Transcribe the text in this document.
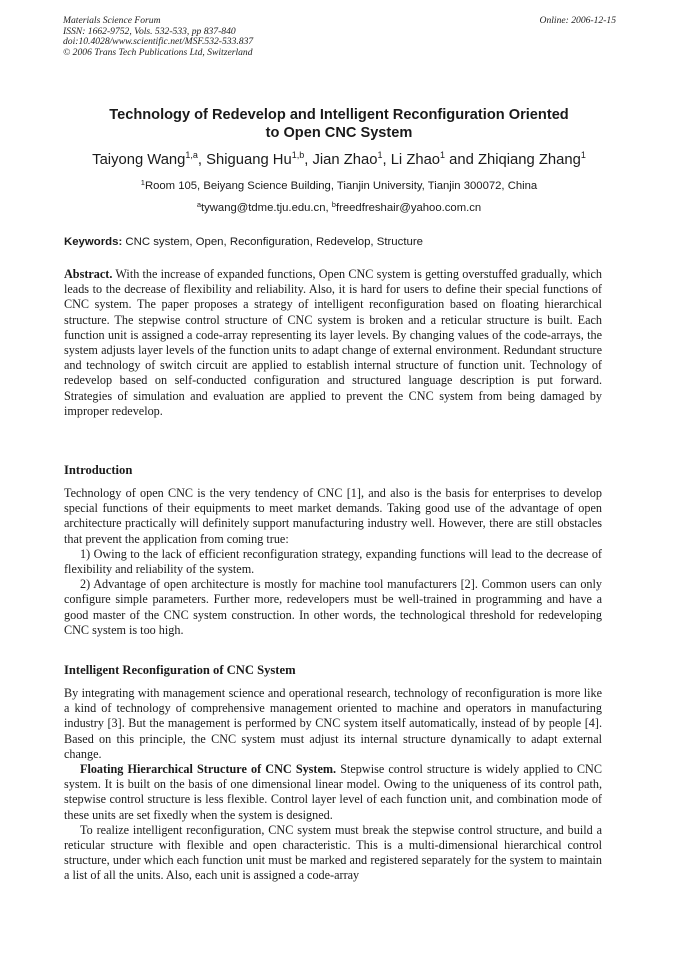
Materials Science Forum
ISSN: 1662-9752, Vols. 532-533, pp 837-840
doi:10.4028/www.scientific.net/MSF.532-533.837
© 2006 Trans Tech Publications Ltd, Switzerland
Online: 2006-12-15
Technology of Redevelop and Intelligent Reconfiguration Oriented
to Open CNC System
Taiyong Wang$^{1,a}$, Shiguang Hu$^{1,b}$, Jian Zhao$^1$, Li Zhao$^1$ and Zhiqiang Zhang$^1$
$^1$Room 105, Beiyang Science Building, Tianjin University, Tianjin 300072, China
$^a$tywang@tdme.tju.edu.cn, $^b$freedfreshair@yahoo.com.cn
Keywords: CNC system, Open, Reconfiguration, Redevelop, Structure

Abstract. With the increase of expanded functions, Open CNC system is getting overstuffed gradually, which leads to the decrease of flexibility and reliability. Also, it is hard for users to define their special functions of CNC system. The paper proposes a strategy of intelligent reconfiguration based on floating hierarchical structure. The stepwise control structure of CNC system is broken and a reticular structure is built. Each function unit is assigned a code-array representing its layer levels. By changing values of the code-arrays, the system adjusts layer levels of the function units to adapt change of external environment. Redundant structure and technology of switch circuit are applied to establish internal structure of function unit. Technology of redevelop based on self-conducted configuration and structured language description is put forward. Strategies of simulation and evaluation are applied to prevent the CNC system from being damaged by improper redevelop.

Introduction

Technology of open CNC is the very tendency of CNC [1], and also is the basis for enterprises to develop special functions of their equipments to meet market demands. Taking good use of the advantage of open architecture practically will definitely support manufacturing industry well. However, there are still obstacles that prevent the application from coming true:

1) Owing to the lack of efficient reconfiguration strategy, expanding functions will lead to the decrease of flexibility and reliability of the system.

2) Advantage of open architecture is mostly for machine tool manufacturers [2]. Common users can only configure simple parameters. Further more, redevelopers must be well-trained in programming and have a good master of the CNC system construction. In other words, the technological threshold for redeveloping CNC system is too high.

Intelligent Reconfiguration of CNC System

By integrating with management science and operational research, technology of reconfiguration is more like a kind of technology of comprehensive management oriented to machine and operators in manufacturing industry [3]. But the management is performed by CNC system itself automatically, instead of by people [4]. Based on this principle, the CNC system must adjust its internal structure dynamically to adapt external change.

Floating Hierarchical Structure of CNC System. Stepwise control structure is widely applied to CNC system. It is built on the basis of one dimensional linear model. Owing to the uniqueness of its control path, stepwise control structure is less flexible. Control layer level of each function unit, and combination mode of these units are set fixedly when the system is designed.

To realize intelligent reconfiguration, CNC system must break the stepwise control structure, and build a reticular structure with flexible and open characteristic. This is a multi-dimensional hierarchical control structure, under which each function unit must be marked and registered separately for the system to maintain a list of all the units. Also, each unit is assigned a code-array
